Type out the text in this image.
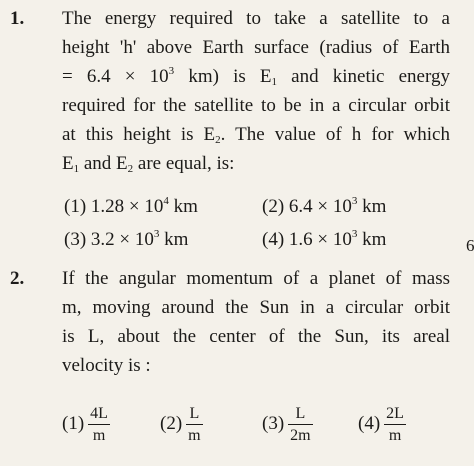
1. The energy required to take a satellite to a
height 'h' above Earth surface (radius of Earth
= $6.4 \times 10^3$ km) is $E_1$ and kinetic energy
required for the satellite to be in a circular orbit
at this height is $E_2$. The value of h for which
$E_1$ and $E_2$ are equal, is:
(1) $1.28 \times 10^4$ km	(2) $6.4 \times 10^3$ km
(3) $3.2 \times 10^3$ km	(4) $1.6 \times 10^3$ km
2. If the angular momentum of a planet of mass
m, moving around the Sun in a circular orbit
is L, about the center of the Sun, its areal
velocity is :
$(1) \frac{4L}{m}$	$(2) \frac{L}{m}$	$(3) \frac{L}{2m} (4) \frac{2L}{m}$
6
